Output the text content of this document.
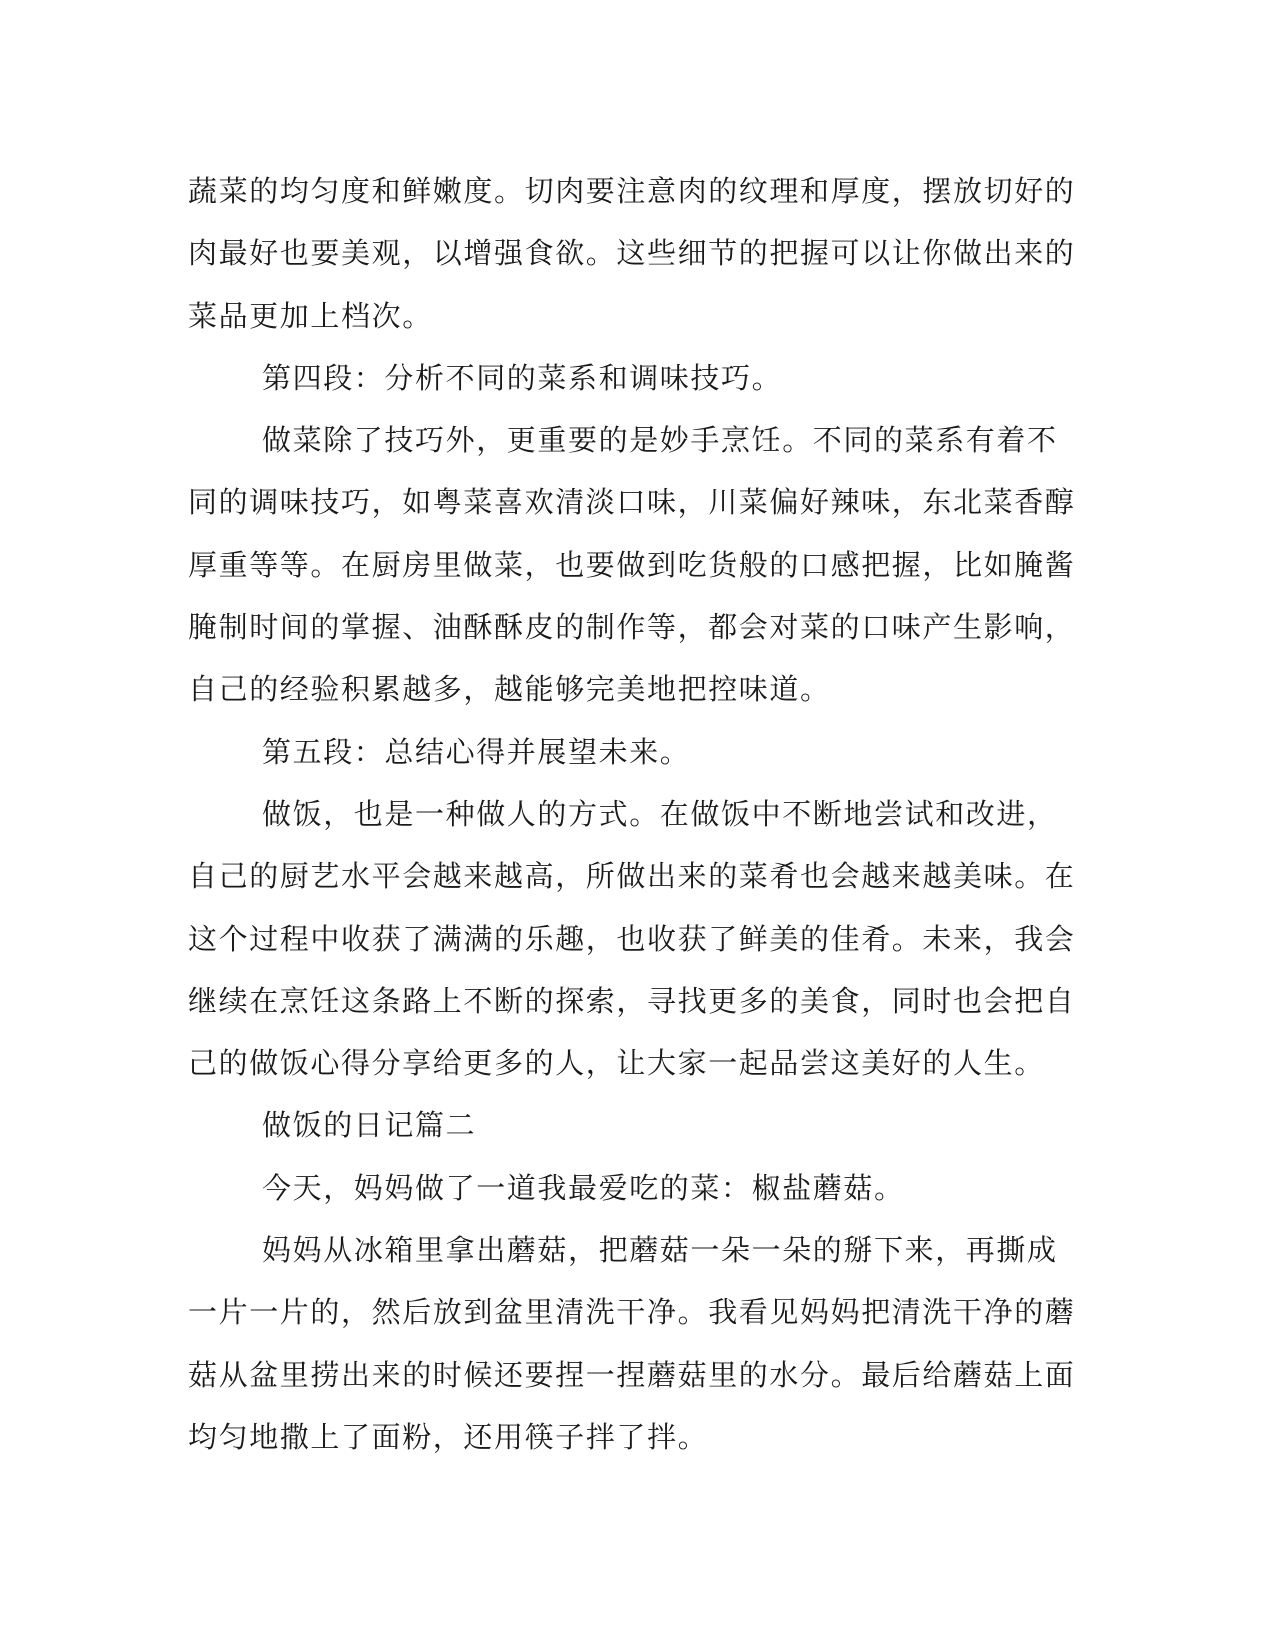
蔬菜的均匀度和鲜嫩度。切肉要注意肉的纹理和厚度，摆放切好的肉最好也要美观，以增强食欲。这些细节的把握可以让你做出来的菜品更加上档次。

第四段：分析不同的菜系和调味技巧。

做菜除了技巧外，更重要的是妙手烹饪。不同的菜系有着不同的调味技巧，如粤菜喜欢清淡口味，川菜偏好辣味，东北菜香醇厚重等等。在厨房里做菜，也要做到吃货般的口感把握，比如腌酱腌制时间的掌握、油酥酥皮的制作等，都会对菜的口味产生影响，自己的经验积累越多，越能够完美地把控味道。

第五段：总结心得并展望未来。

做饭，也是一种做人的方式。在做饭中不断地尝试和改进，自己的厨艺水平会越来越高，所做出来的菜肴也会越来越美味。在这个过程中收获了满满的乐趣，也收获了鲜美的佳肴。未来，我会继续在烹饪这条路上不断的探索，寻找更多的美食，同时也会把自己的做饭心得分享给更多的人，让大家一起品尝这美好的人生。

做饭的日记篇二

今天，妈妈做了一道我最爱吃的菜：椒盐蘑菇。

妈妈从冰箱里拿出蘑菇，把蘑菇一朵一朵的掰下来，再撕成一片一片的，然后放到盆里清洗干净。我看见妈妈把清洗干净的蘑菇从盆里捞出来的时候还要捏一捏蘑菇里的水分。最后给蘑菇上面均匀地撒上了面粉，还用筷子拌了拌。
